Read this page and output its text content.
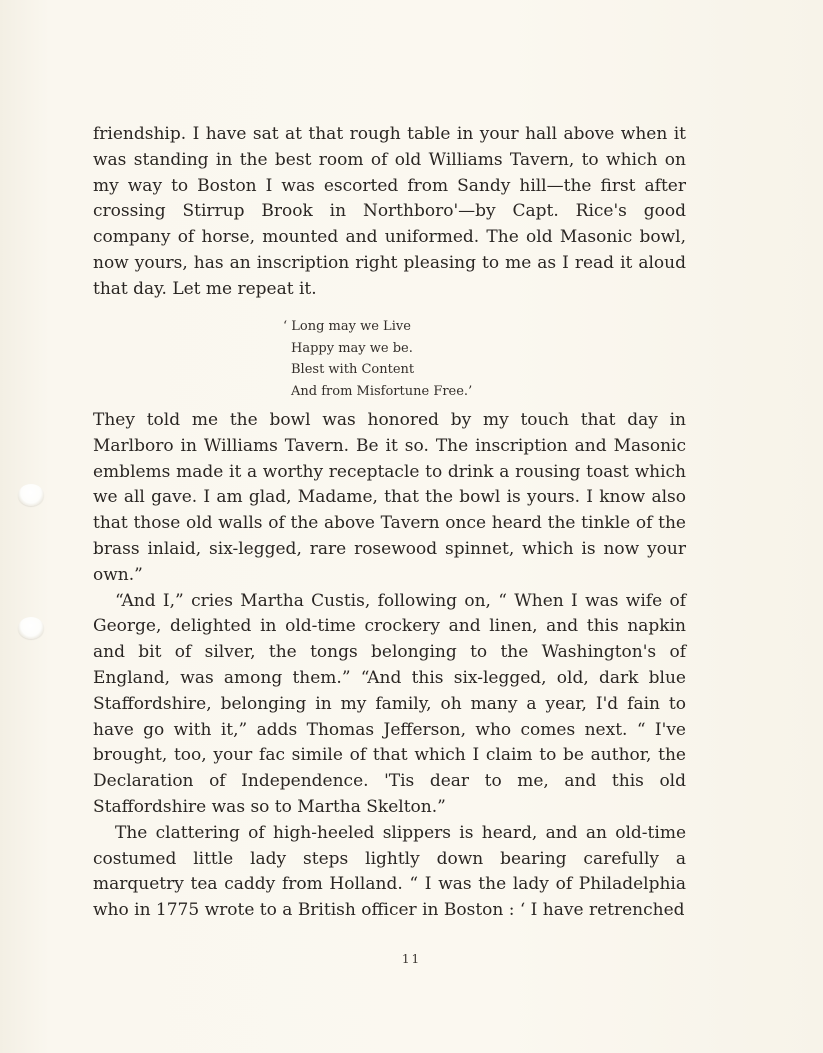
friendship. I have sat at that rough table in your hall above when it was standing in the best room of old Williams Tavern, to which on my way to Boston I was escorted from Sandy hill—the first after crossing Stirrup Brook in Northboro'—by Capt. Rice's good company of horse, mounted and uniformed. The old Masonic bowl, now yours, has an inscription right pleasing to me as I read it aloud that day. Let me repeat it.

‘ Long may we Live
Happy may we be.
Blest with Content
And from Misfortune Free.’

They told me the bowl was honored by my touch that day in Marlboro in Williams Tavern. Be it so. The inscription and Masonic emblems made it a worthy receptacle to drink a rousing toast which we all gave. I am glad, Madame, that the bowl is yours. I know also that those old walls of the above Tavern once heard the tinkle of the brass inlaid, six-legged, rare rosewood spinnet, which is now your own.”

“And I,” cries Martha Custis, following on, “ When I was wife of George, delighted in old-time crockery and linen, and this napkin and bit of silver, the tongs belonging to the Washington's of England, was among them.” “And this six-legged, old, dark blue Staffordshire, belonging in my family, oh many a year, I'd fain to have go with it,” adds Thomas Jefferson, who comes next. “ I've brought, too, your fac simile of that which I claim to be author, the Declaration of Independence. 'Tis dear to me, and this old Staffordshire was so to Martha Skelton.”

The clattering of high-heeled slippers is heard, and an old-time costumed little lady steps lightly down bearing carefully a marquetry tea caddy from Holland. “ I was the lady of Philadelphia who in 1775 wrote to a British officer in Boston : ‘ I have retrenched

11
